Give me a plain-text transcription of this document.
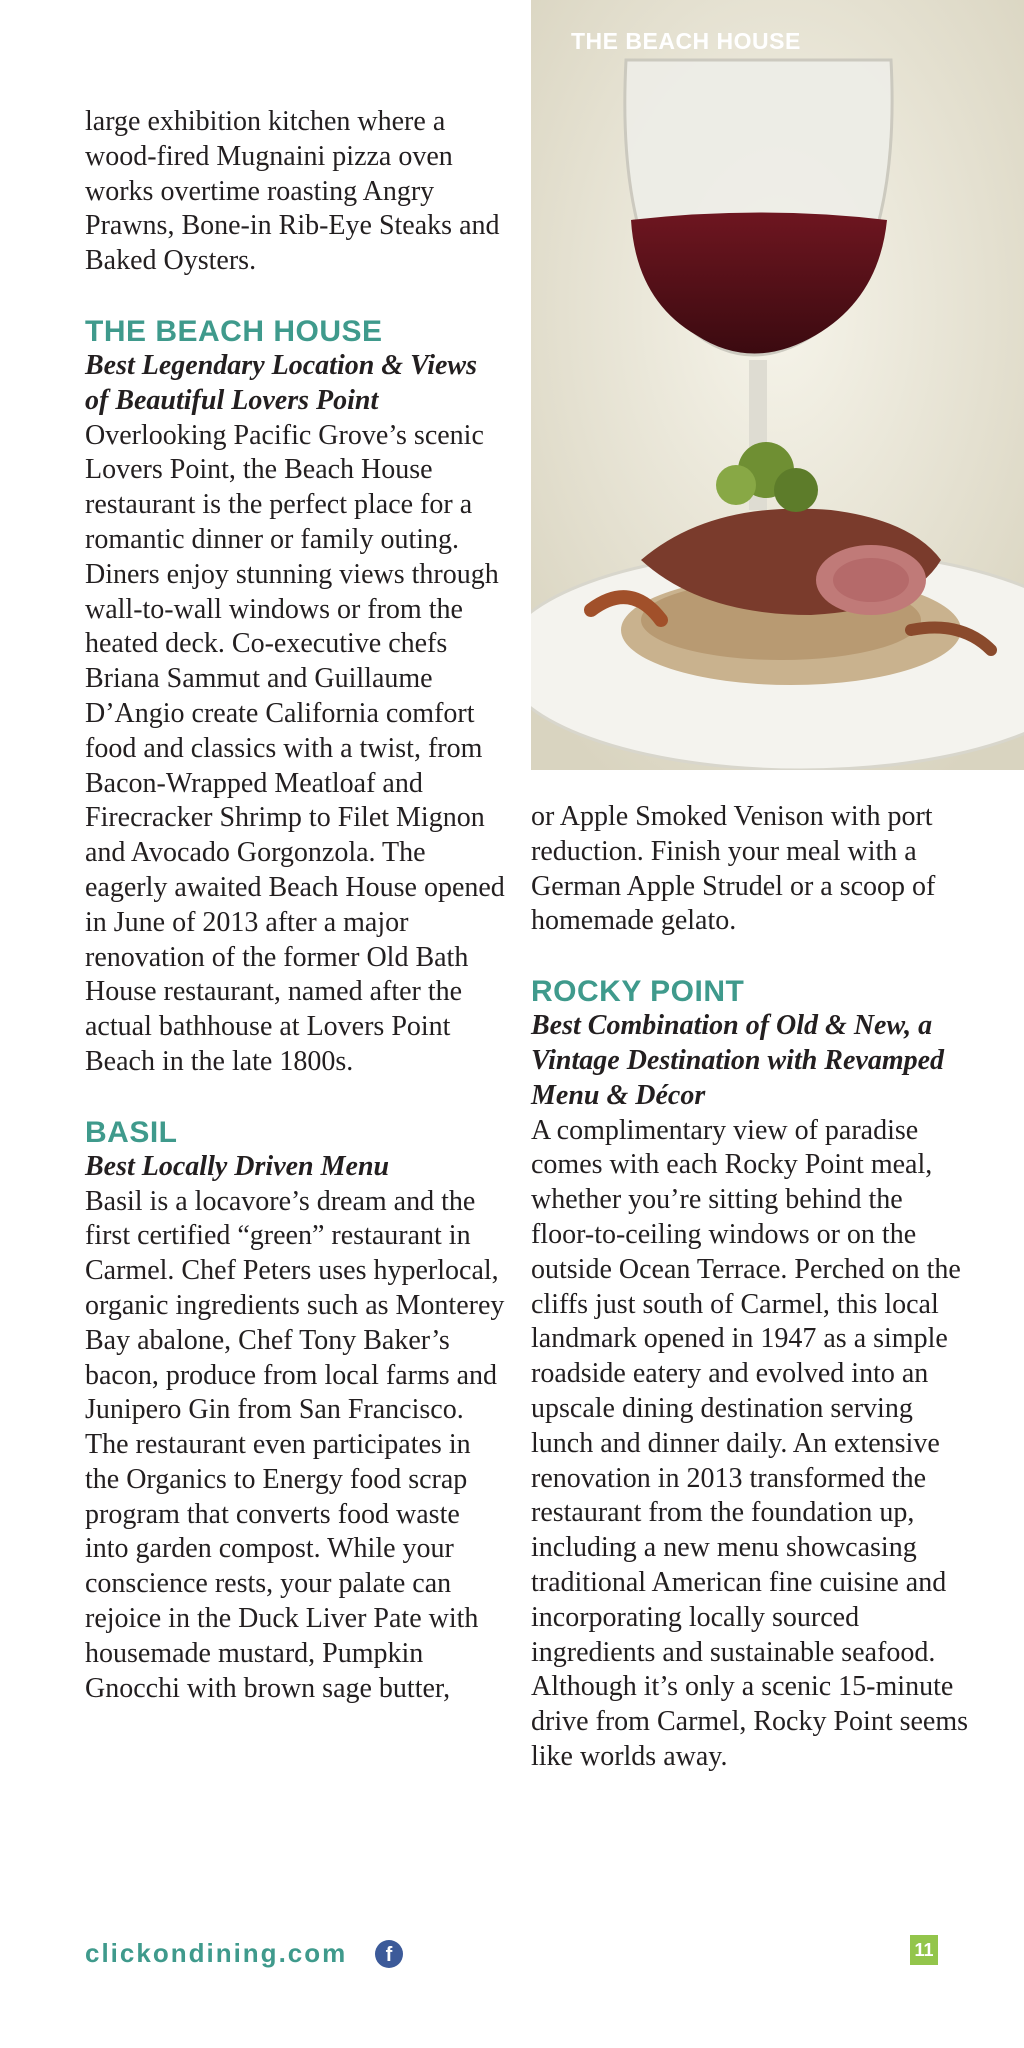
THE BEACH HOUSE

large exhibition kitchen where a wood-fired Mugnaini pizza oven works overtime roasting Angry Prawns, Bone-in Rib-Eye Steaks and Baked Oysters.

THE BEACH HOUSE

Best Legendary Location & Views of Beautiful Lovers Point

Overlooking Pacific Grove’s scenic Lovers Point, the Beach House restaurant is the perfect place for a romantic dinner or family outing. Diners enjoy stunning views through wall-to-wall windows or from the heated deck. Co-executive chefs Briana Sammut and Guillaume D’Angio create California comfort food and classics with a twist, from Bacon-Wrapped Meatloaf and Firecracker Shrimp to Filet Mignon and Avocado Gorgonzola. The eagerly awaited Beach House opened in June of 2013 after a major renovation of the former Old Bath House restaurant, named after the actual bathhouse at Lovers Point Beach in the late 1800s.

BASIL

Best Locally Driven Menu

Basil is a locavore’s dream and the first certified “green” restaurant in Carmel. Chef Peters uses hyperlocal, organic ingredients such as Monterey Bay abalone, Chef Tony Baker’s bacon, produce from local farms and Junipero Gin from San Francisco. The restaurant even participates in the Organics to Energy food scrap program that converts food waste into garden compost. While your conscience rests, your palate can rejoice in the Duck Liver Pate with housemade mustard, Pumpkin Gnocchi with brown sage butter,

or Apple Smoked Venison with port reduction. Finish your meal with a German Apple Strudel or a scoop of homemade gelato.

ROCKY POINT

Best Combination of Old & New, a Vintage Destination with Revamped Menu & Décor

A complimentary view of paradise comes with each Rocky Point meal, whether you’re sitting behind the floor-to-ceiling windows or on the outside Ocean Terrace. Perched on the cliffs just south of Carmel, this local landmark opened in 1947 as a simple roadside eatery and evolved into an upscale dining destination serving lunch and dinner daily. An extensive renovation in 2013 transformed the restaurant from the foundation up, including a new menu showcasing traditional American fine cuisine and incorporating locally sourced ingredients and sustainable seafood. Although it’s only a scenic 15-minute drive from Carmel, Rocky Point seems like worlds away.

clickondining.com	f	11
